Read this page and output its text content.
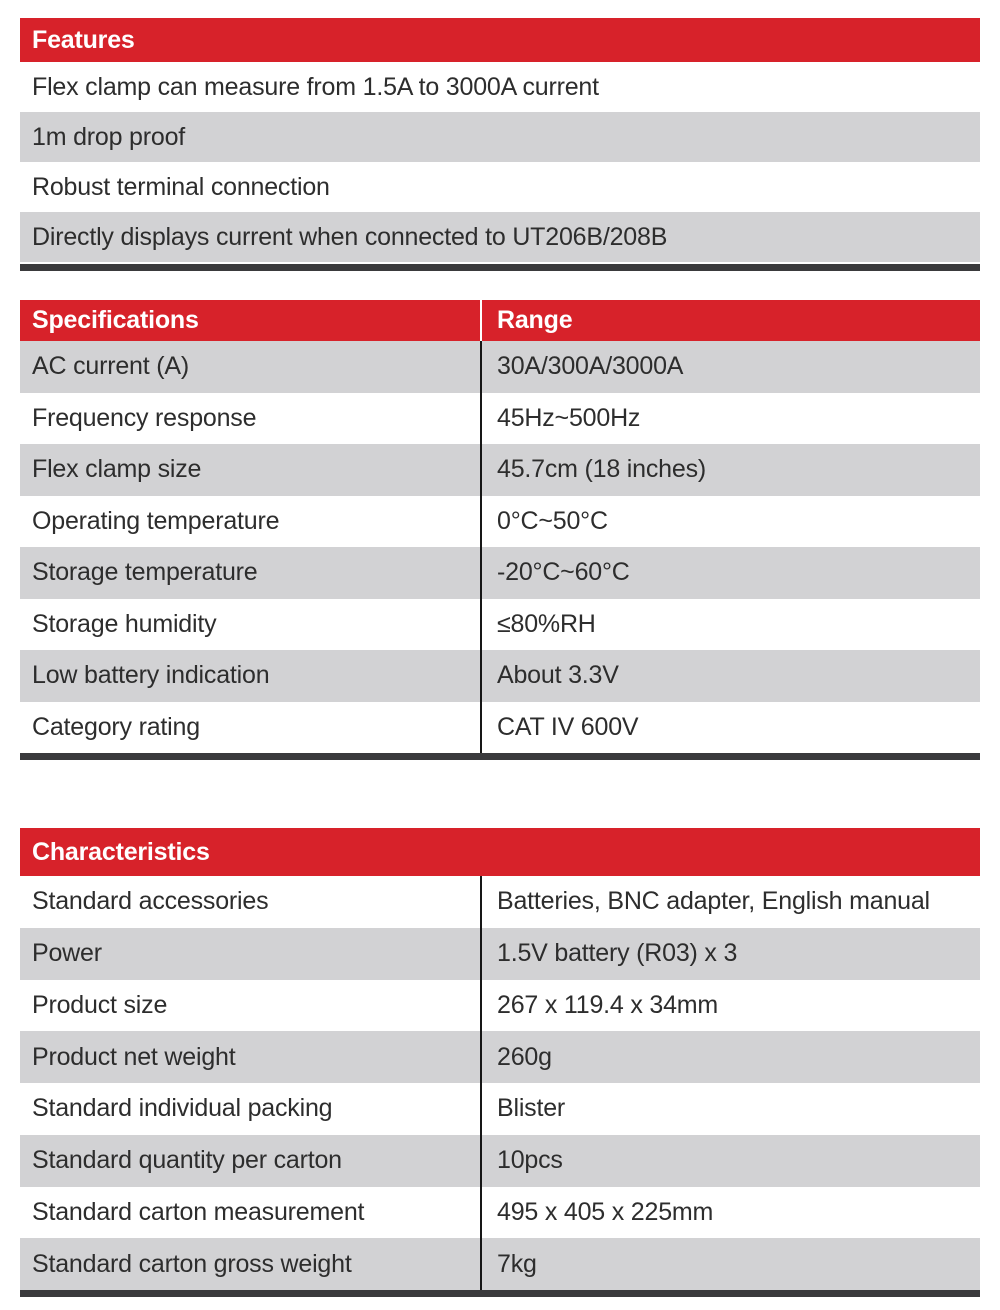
Features
Flex clamp can measure from 1.5A to 3000A current
1m drop proof
Robust terminal connection
Directly displays current when connected to UT206B/208B
Specifications	Range
AC current (A)	30A/300A/3000A
Frequency response	45Hz~500Hz
Flex clamp size	45.7cm (18 inches)
Operating temperature	0°C~50°C
Storage temperature	-20°C~60°C
Storage humidity	≤80%RH
Low battery indication	About 3.3V
Category rating	CAT IV 600V
Characteristics
Standard accessories	Batteries, BNC adapter, English manual
Power	1.5V battery (R03) x 3
Product size	267 x 119.4 x 34mm
Product net weight	260g
Standard individual packing	Blister
Standard quantity per carton	10pcs
Standard carton measurement	495 x 405 x 225mm
Standard carton gross weight	7kg
